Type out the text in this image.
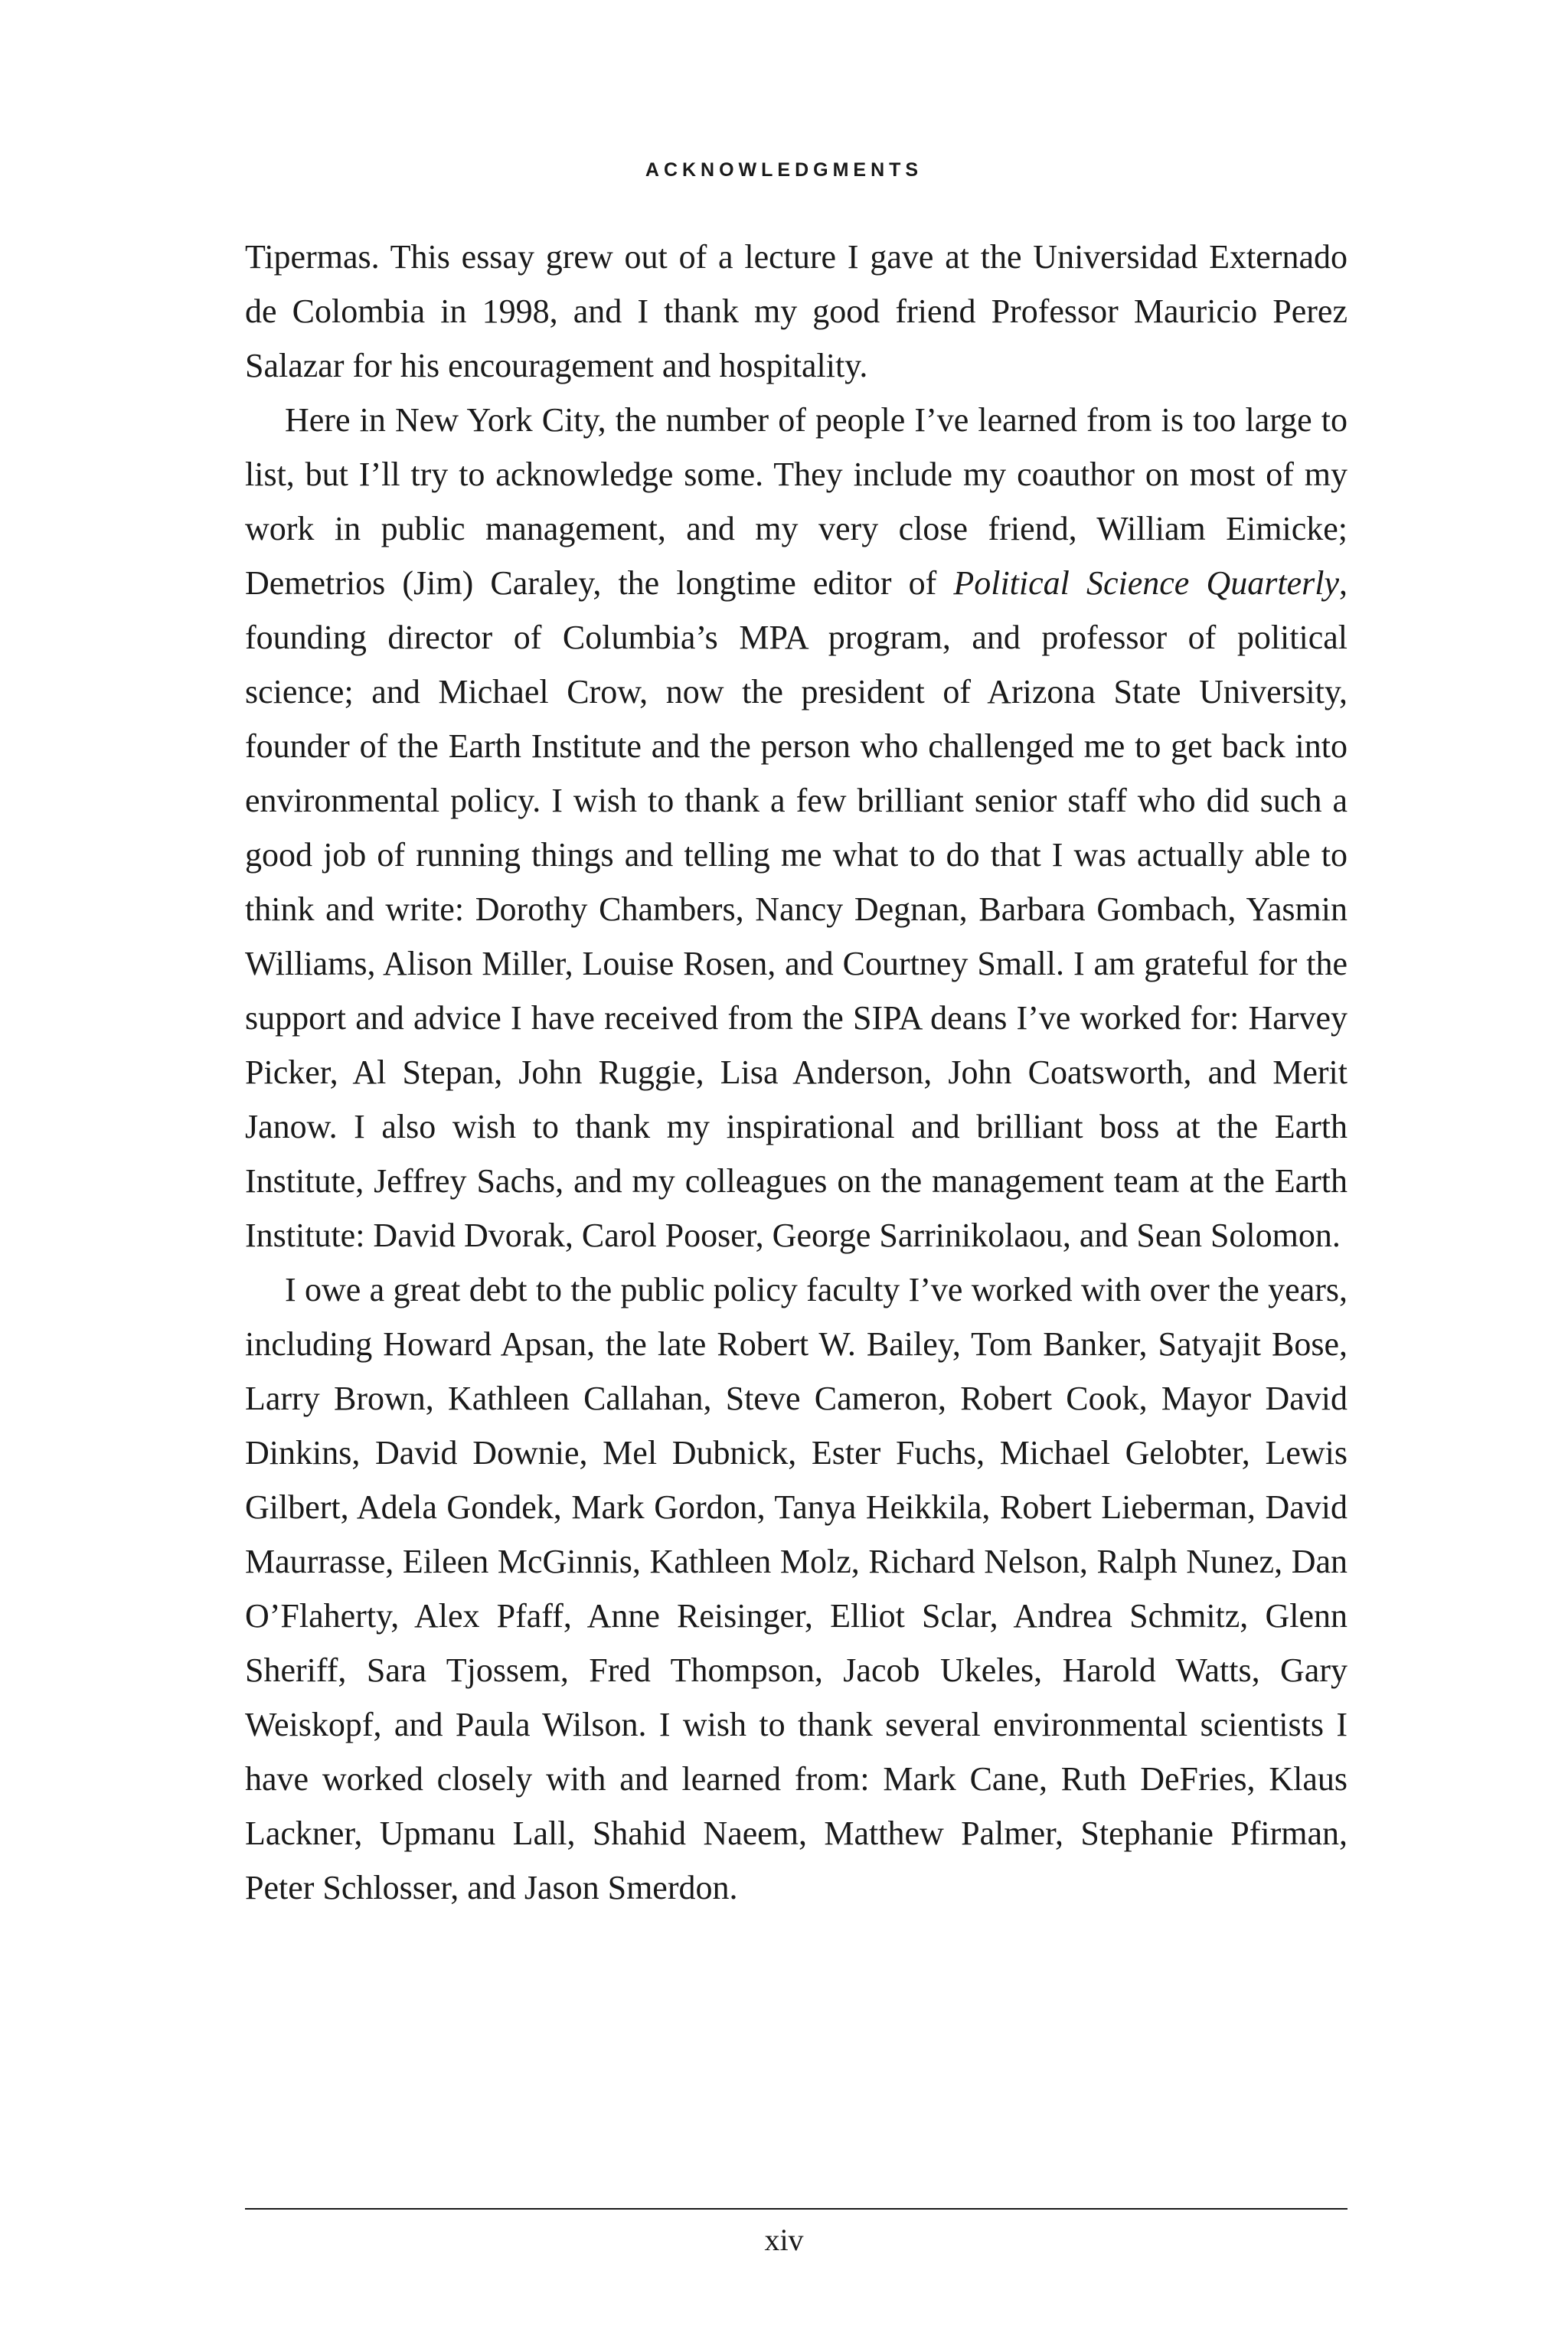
ACKNOWLEDGMENTS

Tipermas. This essay grew out of a lecture I gave at the Universidad Externado de Colombia in 1998, and I thank my good friend Professor Mauricio Perez Salazar for his encouragement and hospitality.

Here in New York City, the number of people I’ve learned from is too large to list, but I’ll try to acknowledge some. They include my coauthor on most of my work in public management, and my very close friend, William Eimicke; Demetrios (Jim) Caraley, the longtime editor of Political Science Quarterly, founding director of Columbia’s MPA program, and professor of political science; and Michael Crow, now the president of Arizona State University, founder of the Earth Institute and the person who challenged me to get back into environmental policy. I wish to thank a few brilliant senior staff who did such a good job of running things and telling me what to do that I was actually able to think and write: Dorothy Chambers, Nancy Degnan, Barbara Gombach, Yasmin Williams, Alison Miller, Louise Rosen, and Courtney Small. I am grateful for the support and advice I have received from the SIPA deans I’ve worked for: Harvey Picker, Al Stepan, John Ruggie, Lisa Anderson, John Coatsworth, and Merit Janow. I also wish to thank my inspirational and brilliant boss at the Earth Institute, Jeffrey Sachs, and my colleagues on the management team at the Earth Institute: David Dvorak, Carol Pooser, George Sarrinikolaou, and Sean Solomon.

I owe a great debt to the public policy faculty I’ve worked with over the years, including Howard Apsan, the late Robert W. Bailey, Tom Banker, Satyajit Bose, Larry Brown, Kathleen Callahan, Steve Cameron, Robert Cook, Mayor David Dinkins, David Downie, Mel Dubnick, Ester Fuchs, Michael Gelobter, Lewis Gilbert, Adela Gondek, Mark Gordon, Tanya Heikkila, Robert Lieberman, David Maurrasse, Eileen McGinnis, Kathleen Molz, Richard Nelson, Ralph Nunez, Dan O’Flaherty, Alex Pfaff, Anne Reisinger, Elliot Sclar, Andrea Schmitz, Glenn Sheriff, Sara Tjossem, Fred Thompson, Jacob Ukeles, Harold Watts, Gary Weiskopf, and Paula Wilson. I wish to thank several environmental scientists I have worked closely with and learned from: Mark Cane, Ruth DeFries, Klaus Lackner, Upmanu Lall, Shahid Naeem, Matthew Palmer, Stephanie Pfirman, Peter Schlosser, and Jason Smerdon.

xiv
